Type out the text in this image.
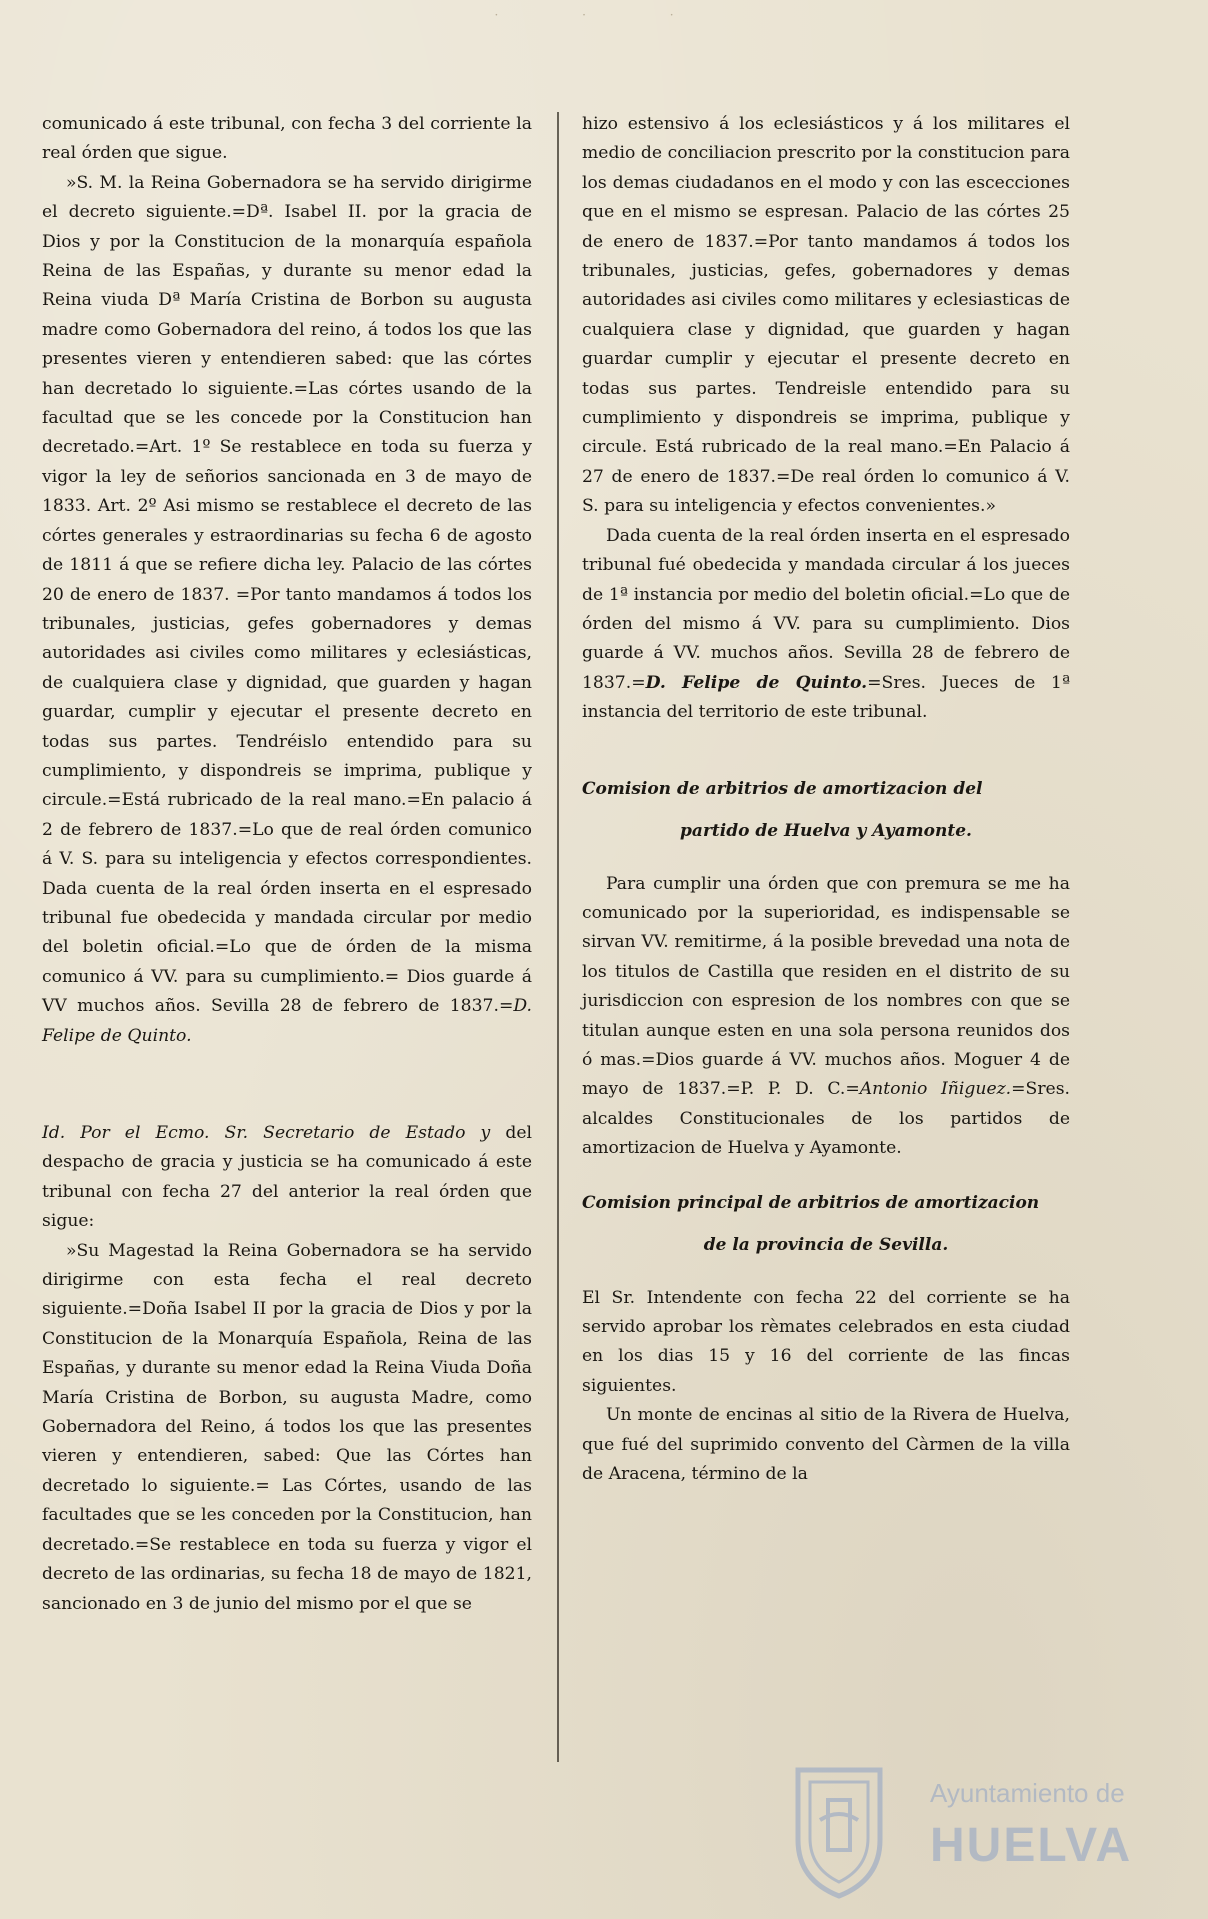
· · ·

comunicado á este tribunal, con fecha 3 del corriente la real órden que sigue.

»S. M. la Reina Gobernadora se ha servido dirigirme el decreto siguiente.=Dª. Isabel II. por la gracia de Dios y por la Constitucion de la monarquía española Reina de las Españas, y durante su menor edad la Reina viuda Dª María Cristina de Borbon su augusta madre como Gobernadora del reino, á todos los que las presentes vieren y entendieren sabed: que las córtes han decretado lo siguiente.=Las córtes usando de la facultad que se les concede por la Constitucion han decretado.=Art. 1º Se restablece en toda su fuerza y vigor la ley de señorios sancionada en 3 de mayo de 1833. Art. 2º Asi mismo se restablece el decreto de las córtes generales y estraordinarias su fecha 6 de agosto de 1811 á que se refiere dicha ley. Palacio de las córtes 20 de enero de 1837. =Por tanto mandamos á todos los tribunales, justicias, gefes gobernadores y demas autoridades asi civiles como militares y eclesiásticas, de cualquiera clase y dignidad, que guarden y hagan guardar, cumplir y ejecutar el presente decreto en todas sus partes. Tendréislo entendido para su cumplimiento, y dispondreis se imprima, publique y circule.=Está rubricado de la real mano.=En palacio á 2 de febrero de 1837.=Lo que de real órden comunico á V. S. para su inteligencia y efectos correspondientes. Dada cuenta de la real órden inserta en el espresado tribunal fue obedecida y mandada circular por medio del boletin oficial.=Lo que de órden de la misma comunico á VV. para su cumplimiento.= Dios guarde á VV muchos años. Sevilla 28 de febrero de 1837.=D. Felipe de Quinto.

Id. Por el Ecmo. Sr. Secretario de Estado y del despacho de gracia y justicia se ha comunicado á este tribunal con fecha 27 del anterior la real órden que sigue:

»Su Magestad la Reina Gobernadora se ha servido dirigirme con esta fecha el real decreto siguiente.=Doña Isabel II por la gracia de Dios y por la Constitucion de la Monarquía Española, Reina de las Españas, y durante su menor edad la Reina Viuda Doña María Cristina de Borbon, su augusta Madre, como Gobernadora del Reino, á todos los que las presentes vieren y entendieren, sabed: Que las Córtes han decretado lo siguiente.= Las Córtes, usando de las facultades que se les conceden por la Constitucion, han decretado.=Se restablece en toda su fuerza y vigor el decreto de las ordinarias, su fecha 18 de mayo de 1821, sancionado en 3 de junio del mismo por el que se

hizo estensivo á los eclesiásticos y á los militares el medio de conciliacion prescrito por la constitucion para los demas ciudadanos en el modo y con las escecciones que en el mismo se espresan. Palacio de las córtes 25 de enero de 1837.=Por tanto mandamos á todos los tribunales, justicias, gefes, gobernadores y demas autoridades asi civiles como militares y eclesiasticas de cualquiera clase y dignidad, que guarden y hagan guardar cumplir y ejecutar el presente decreto en todas sus partes. Tendreisle entendido para su cumplimiento y dispondreis se imprima, publique y circule. Está rubricado de la real mano.=En Palacio á 27 de enero de 1837.=De real órden lo comunico á V. S. para su inteligencia y efectos convenientes.»

Dada cuenta de la real órden inserta en el espresado tribunal fué obedecida y mandada circular á los jueces de 1ª instancia por medio del boletin oficial.=Lo que de órden del mismo á VV. para su cumplimiento. Dios guarde á VV. muchos años. Sevilla 28 de febrero de 1837.=D. Felipe de Quinto.=Sres. Jueces de 1ª instancia del territorio de este tribunal.

Comision de arbitrios de amortizacion del

partido de Huelva y Ayamonte.

Para cumplir una órden que con premura se me ha comunicado por la superioridad, es indispensable se sirvan VV. remitirme, á la posible brevedad una nota de los titulos de Castilla que residen en el distrito de su jurisdiccion con espresion de los nombres con que se titulan aunque esten en una sola persona reunidos dos ó mas.=Dios guarde á VV. muchos años. Moguer 4 de mayo de 1837.=P. P. D. C.=Antonio Iñiguez.=Sres. alcaldes Constitucionales de los partidos de amortizacion de Huelva y Ayamonte.

Comision principal de arbitrios de amortizacion

de la provincia de Sevilla.

El Sr. Intendente con fecha 22 del corriente se ha servido aprobar los rèmates celebrados en esta ciudad en los dias 15 y 16 del corriente de las fincas siguientes.

Un monte de encinas al sitio de la Rivera de Huelva, que fué del suprimido convento del Càrmen de la villa de Aracena, término de la

Ayuntamiento de
HUELVA
